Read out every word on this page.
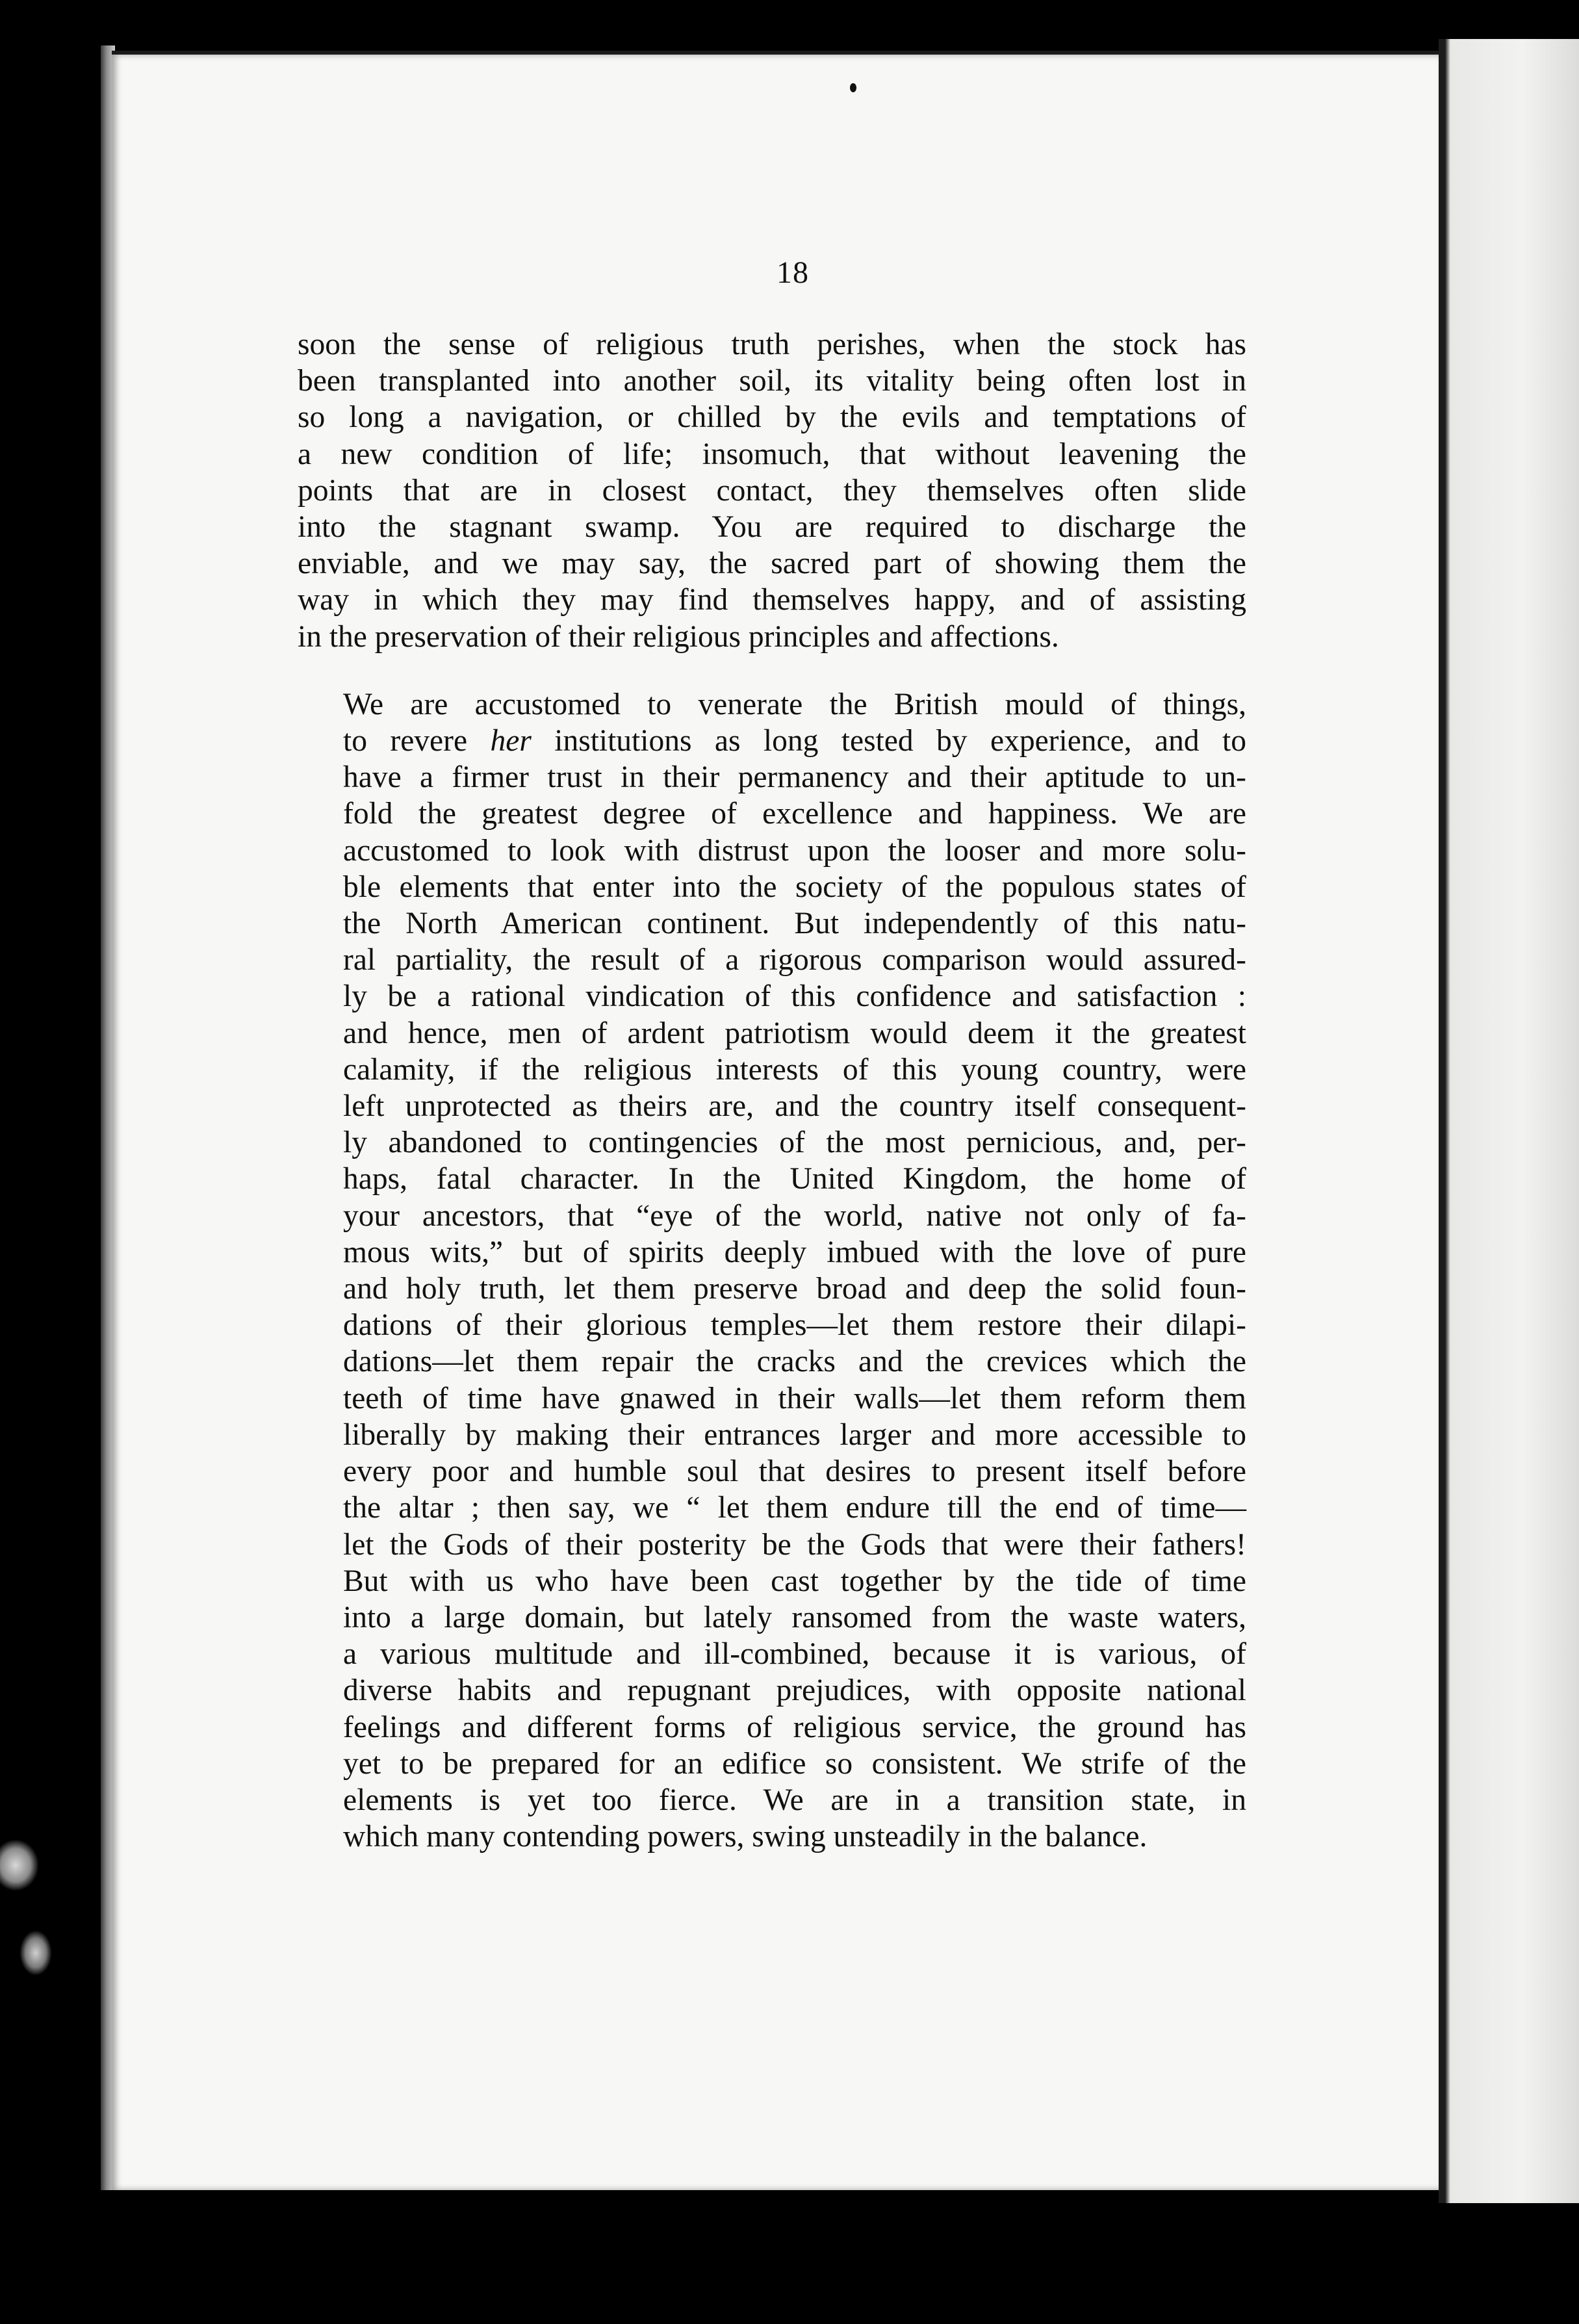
18
soon the sense of religious truth perishes, when the stock has
been transplanted into another soil, its vitality being often lost in
so long a navigation, or chilled by the evils and temptations of
a new condition of life; insomuch, that without leavening the
points that are in closest contact, they themselves often slide
into the stagnant swamp. You are required to discharge the
enviable, and we may say, the sacred part of showing them the
way in which they may find themselves happy, and of assisting
in the preservation of their religious principles and affections.
We are accustomed to venerate the British mould of things,
to revere her institutions as long tested by experience, and to
have a firmer trust in their permanency and their aptitude to un-
fold the greatest degree of excellence and happiness. We are
accustomed to look with distrust upon the looser and more solu-
ble elements that enter into the society of the populous states of
the North American continent. But independently of this natu-
ral partiality, the result of a rigorous comparison would assured-
ly be a rational vindication of this confidence and satisfaction :
and hence, men of ardent patriotism would deem it the greatest
calamity, if the religious interests of this young country, were
left unprotected as theirs are, and the country itself consequent-
ly abandoned to contingencies of the most pernicious, and, per-
haps, fatal character. In the United Kingdom, the home of
your ancestors, that “eye of the world, native not only of fa-
mous wits,” but of spirits deeply imbued with the love of pure
and holy truth, let them preserve broad and deep the solid foun-
dations of their glorious temples—let them restore their dilapi-
dations—let them repair the cracks and the crevices which the
teeth of time have gnawed in their walls—let them reform them
liberally by making their entrances larger and more accessible to
every poor and humble soul that desires to present itself before
the altar ; then say, we “ let them endure till the end of time—
let the Gods of their posterity be the Gods that were their fathers!
But with us who have been cast together by the tide of time
into a large domain, but lately ransomed from the waste waters,
a various multitude and ill-combined, because it is various, of
diverse habits and repugnant prejudices, with opposite national
feelings and different forms of religious service, the ground has
yet to be prepared for an edifice so consistent. We strife of the
elements is yet too fierce. We are in a transition state, in
which many contending powers, swing unsteadily in the balance.
